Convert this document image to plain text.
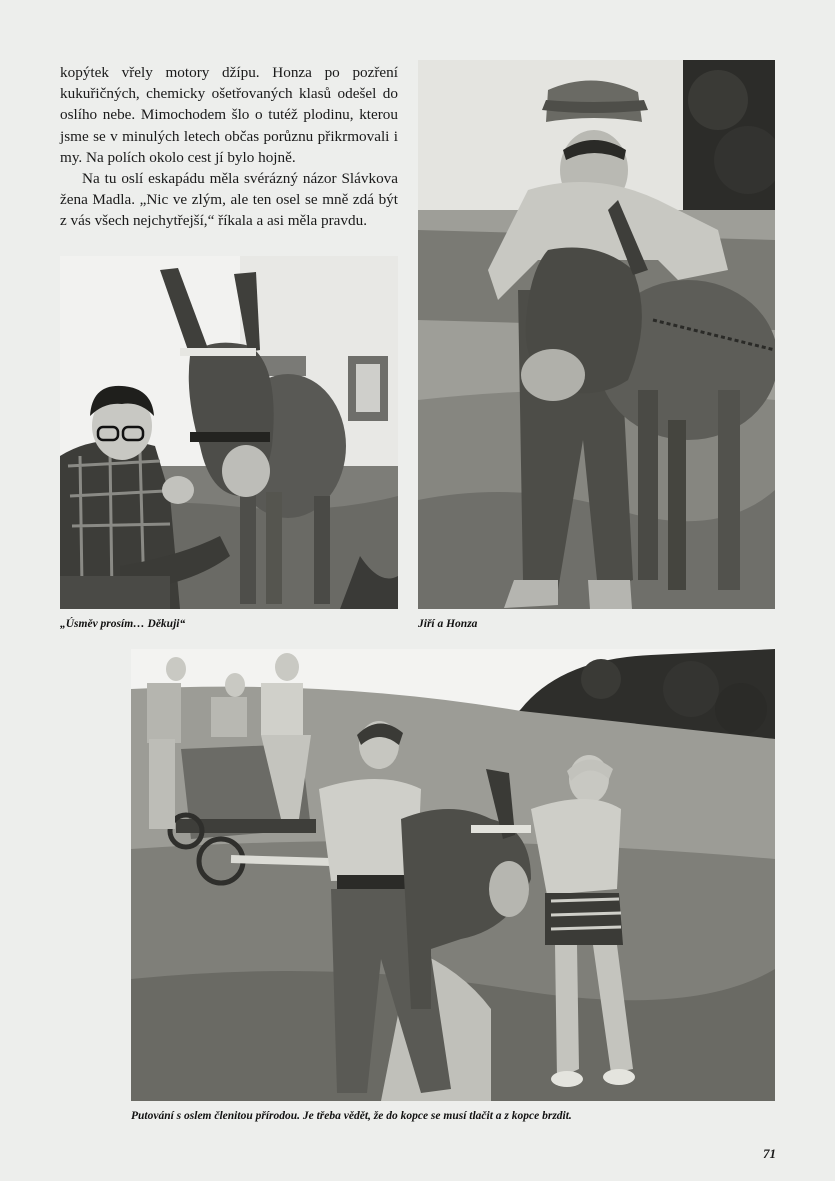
kopýtek vřely motory džípu. Honza po pozření kukuřičných, chemicky ošetřovaných klasů odešel do oslího nebe. Mimochodem šlo o tutéž plodinu, kterou jsme se v minulých letech občas porůznu přikrmovali i my. Na polích okolo cest jí bylo hojně.

Na tu oslí eskapádu měla svérázný názor Slávkova žena Madla. „Nic ve zlým, ale ten osel se mně zdá být z vás všech nejchytřejší,“ říkala a asi měla pravdu.

„Úsměv prosím… Děkuji“	Jiří a Honza
Putování s oslem členitou přírodou. Je třeba vědět, že do kopce se musí tlačit a z kopce brzdit.
71
